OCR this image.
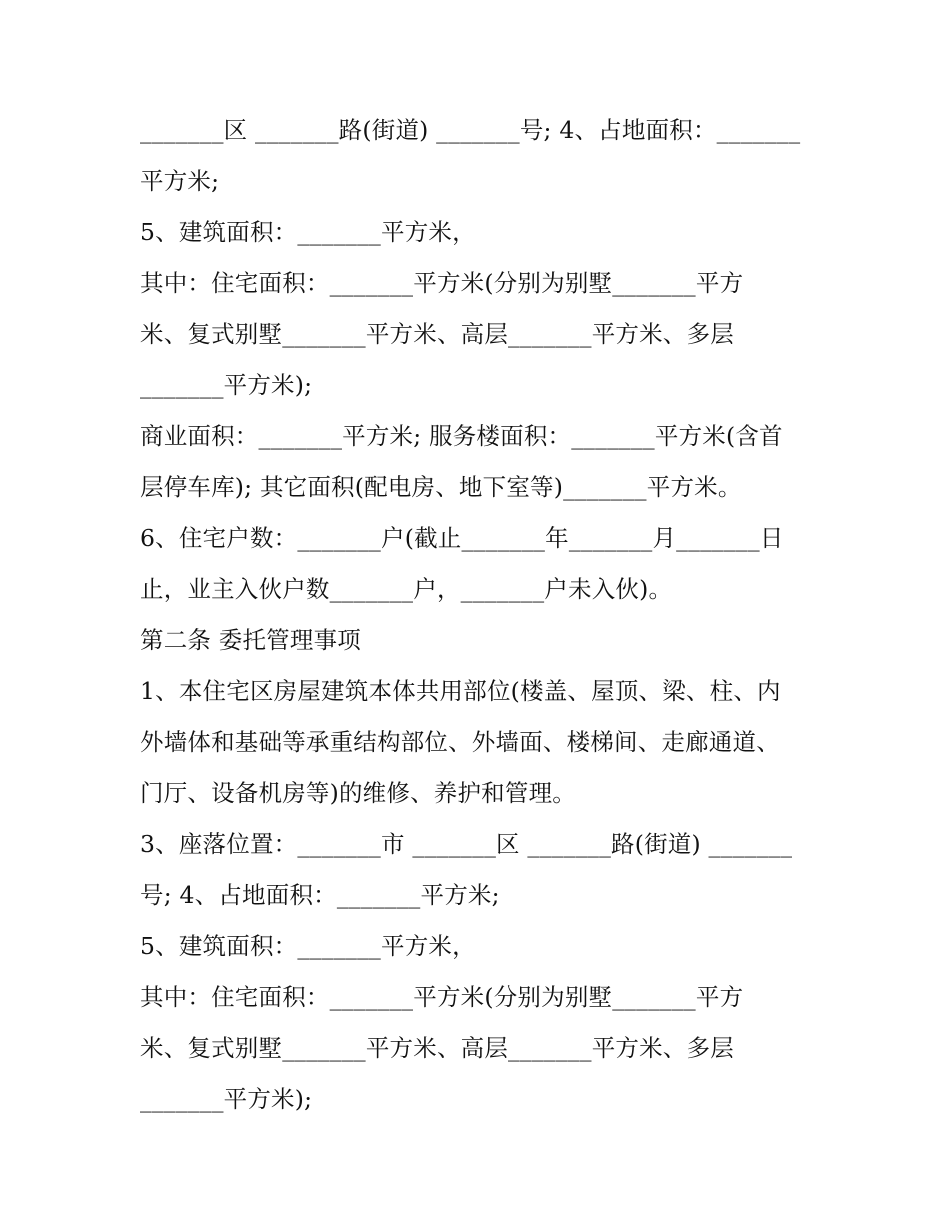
_______区 _______路(街道) _______号; 4、占地面积：_______
平方米;
5、建筑面积：_______平方米，
其中：住宅面积：_______平方米(分别为别墅_______平方
米、复式别墅_______平方米、高层_______平方米、多层
_______平方米);
商业面积：_______平方米; 服务楼面积：_______平方米(含首
层停车库); 其它面积(配电房、地下室等)_______平方米。
6、住宅户数：_______户(截止_______年_______月_______日
止，业主入伙户数_______户，_______户未入伙)。
第二条 委托管理事项
1、本住宅区房屋建筑本体共用部位(楼盖、屋顶、梁、柱、内
外墙体和基础等承重结构部位、外墙面、楼梯间、走廊通道、
门厅、设备机房等)的维修、养护和管理。
3、座落位置：_______市 _______区 _______路(街道) _______
号; 4、占地面积：_______平方米;
5、建筑面积：_______平方米，
其中：住宅面积：_______平方米(分别为别墅_______平方
米、复式别墅_______平方米、高层_______平方米、多层
_______平方米);
